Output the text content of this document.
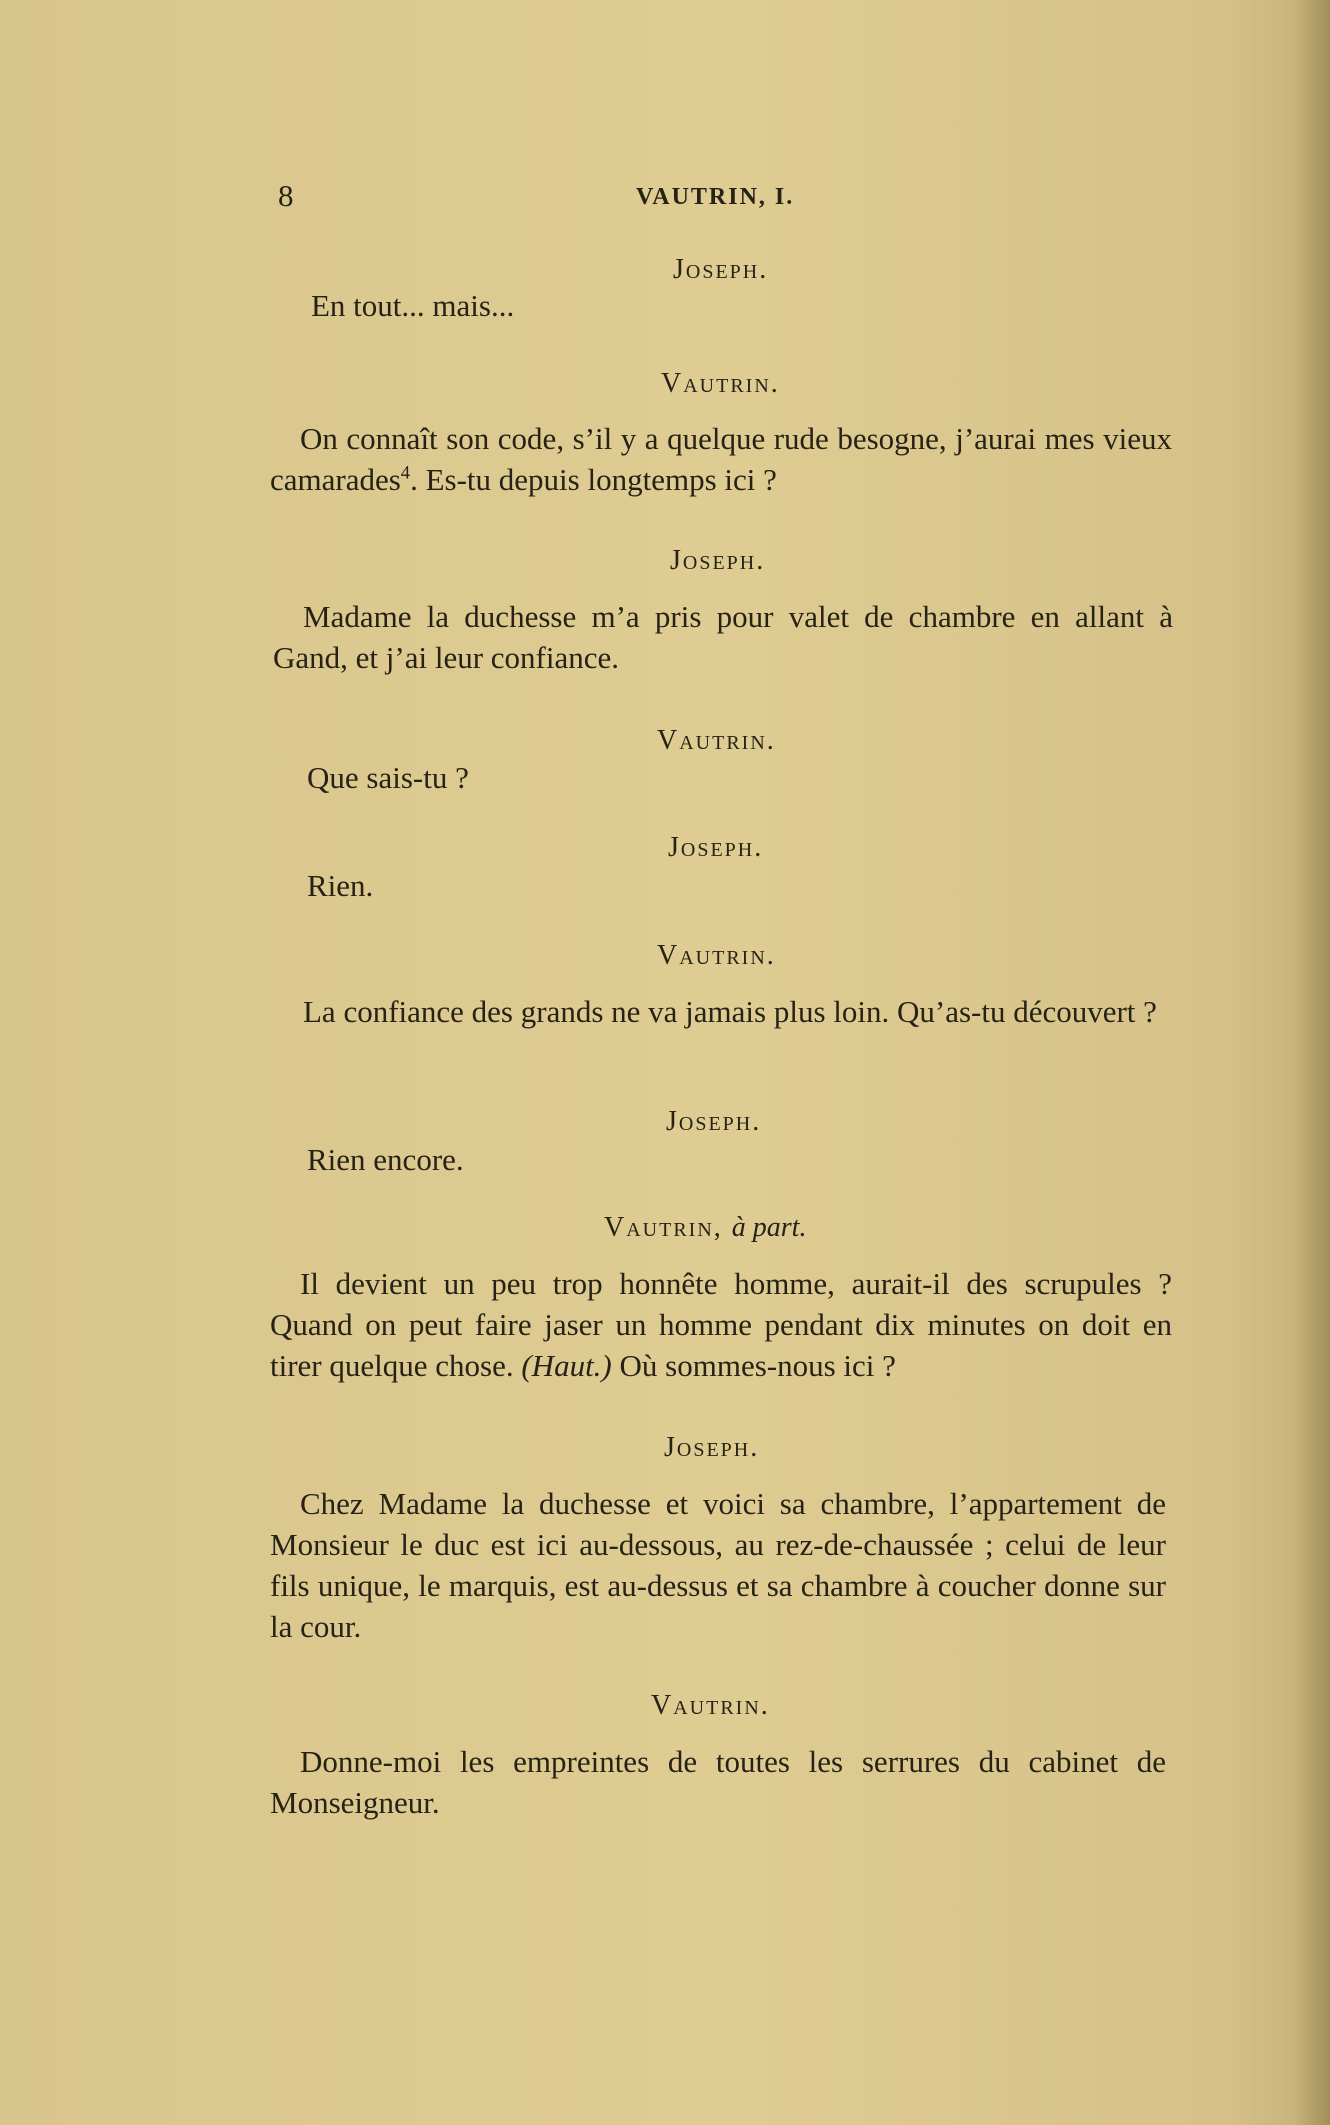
8	VAUTRIN, I.
Joseph.
En tout... mais...
Vautrin.
On connaît son code, s’il y a quelque rude besogne, j’aurai mes vieux camarades$^4$. Es-tu depuis longtemps ici ?
Joseph.
Madame la duchesse m’a pris pour valet de chambre en allant à Gand, et j’ai leur confiance.
Vautrin.
Que sais-tu ?
Joseph.
Rien.
Vautrin.
La confiance des grands ne va jamais plus loin. Qu’as-tu découvert ?
Joseph.
Rien encore.
Vautrin, à part.
Il devient un peu trop honnête homme, aurait-il des scrupules ? Quand on peut faire jaser un homme pendant dix minutes on doit en tirer quelque chose. (Haut.) Où sommes-nous ici ?
Joseph.
Chez Madame la duchesse et voici sa chambre, l’appartement de Monsieur le duc est ici au-dessous, au rez-de-chaussée ; celui de leur fils unique, le marquis, est au-dessus et sa chambre à coucher donne sur la cour.
Vautrin.
Donne-moi les empreintes de toutes les serrures du cabinet de Monseigneur.
